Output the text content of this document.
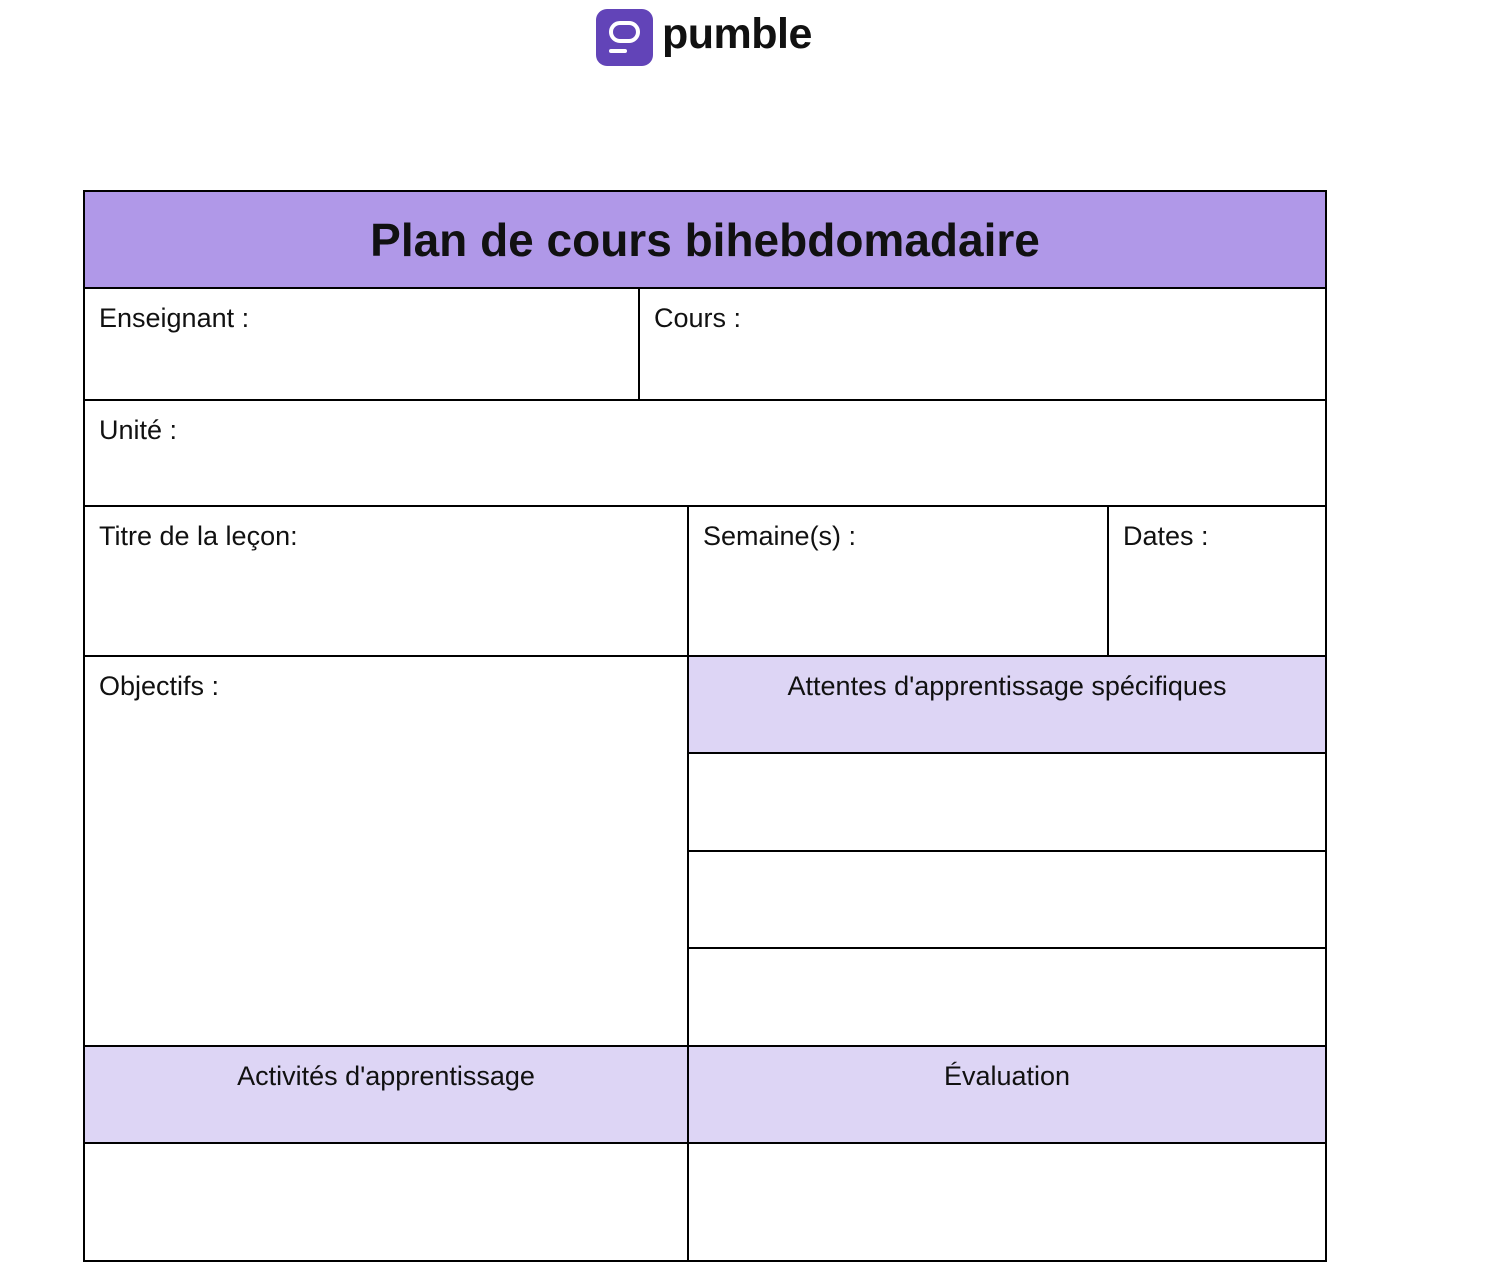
pumble
Plan de cours bihebdomadaire
Enseignant :	Cours :
Unité :
Titre de la leçon:	Semaine(s) :	Dates :
Objectifs :	Attentes d'apprentissage spécifiques
Activités d'apprentissage	Évaluation
